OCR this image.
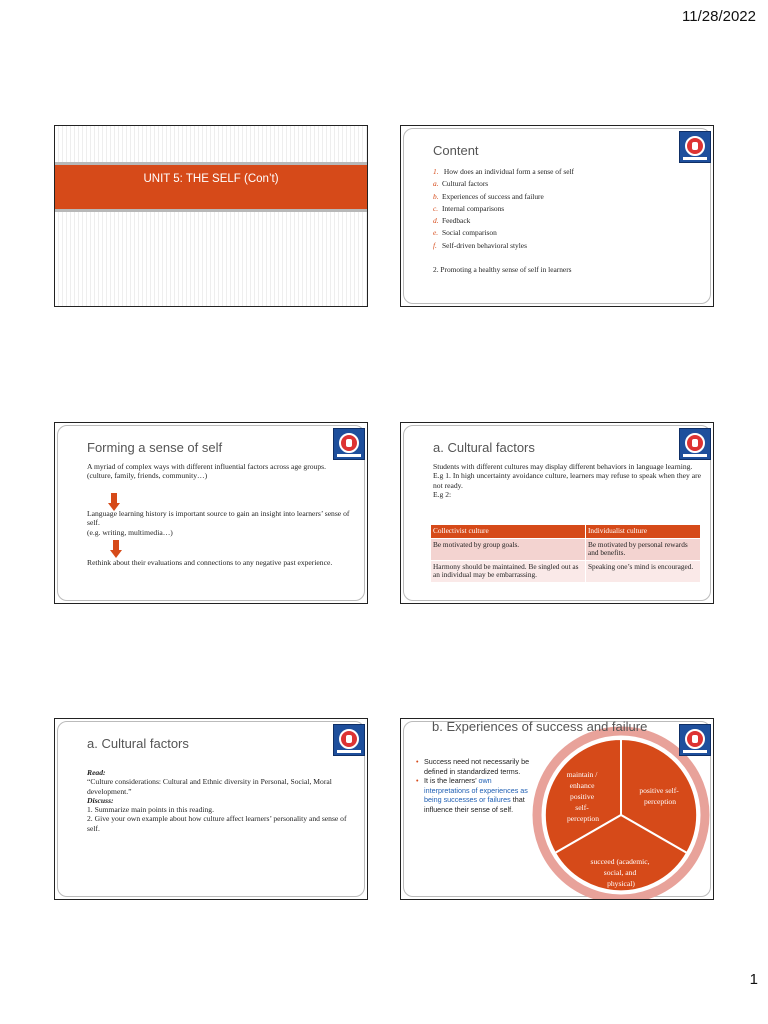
11/28/2022
UNIT 5: THE SELF (Con’t)
Content
1. How does an individual form a sense of self
a. Cultural factors
b. Experiences of success and failure
c. Internal comparisons
d. Feedback
e. Social comparison
f. Self-driven behavioral styles
2. Promoting a healthy sense of self in learners
Forming a sense of self

A myriad of complex ways with different influential factors across age groups.

(culture, family, friends, community…)

Language learning history is important source to gain an insight into learners’ sense of self.

(e.g. writing, multimedia…)

Rethink about their evaluations and connections to any negative past experience.

a. Cultural factors

Students with different cultures may display different behaviors in language learning.

E.g 1. In high uncertainty avoidance culture, learners may refuse to speak when they are not ready.

E.g 2:

Collectivist culture	Individualist culture
Be motivated by group goals.	Be motivated by personal rewards and benefits.
Harmony should be maintained. Be singled out as an individual may be embarrassing.	Speaking one’s mind is encouraged.
a. Cultural factors

Read:

“Culture considerations: Cultural and Ethnic diversity in Personal, Social, Moral development.”

Discuss:

1. Summarize main points in this reading.

2. Give your own example about how culture affect learners’ personality and sense of self.

• Success need not necessarily be defined in standardized terms.
• It is the learners’ own interpretations of experiences as being successes or failures that influence their sense of self.
maintain / enhance positive self- perception
positive self- perception
succeed (academic, social, and physical)
b. Experiences of success and failure
1
